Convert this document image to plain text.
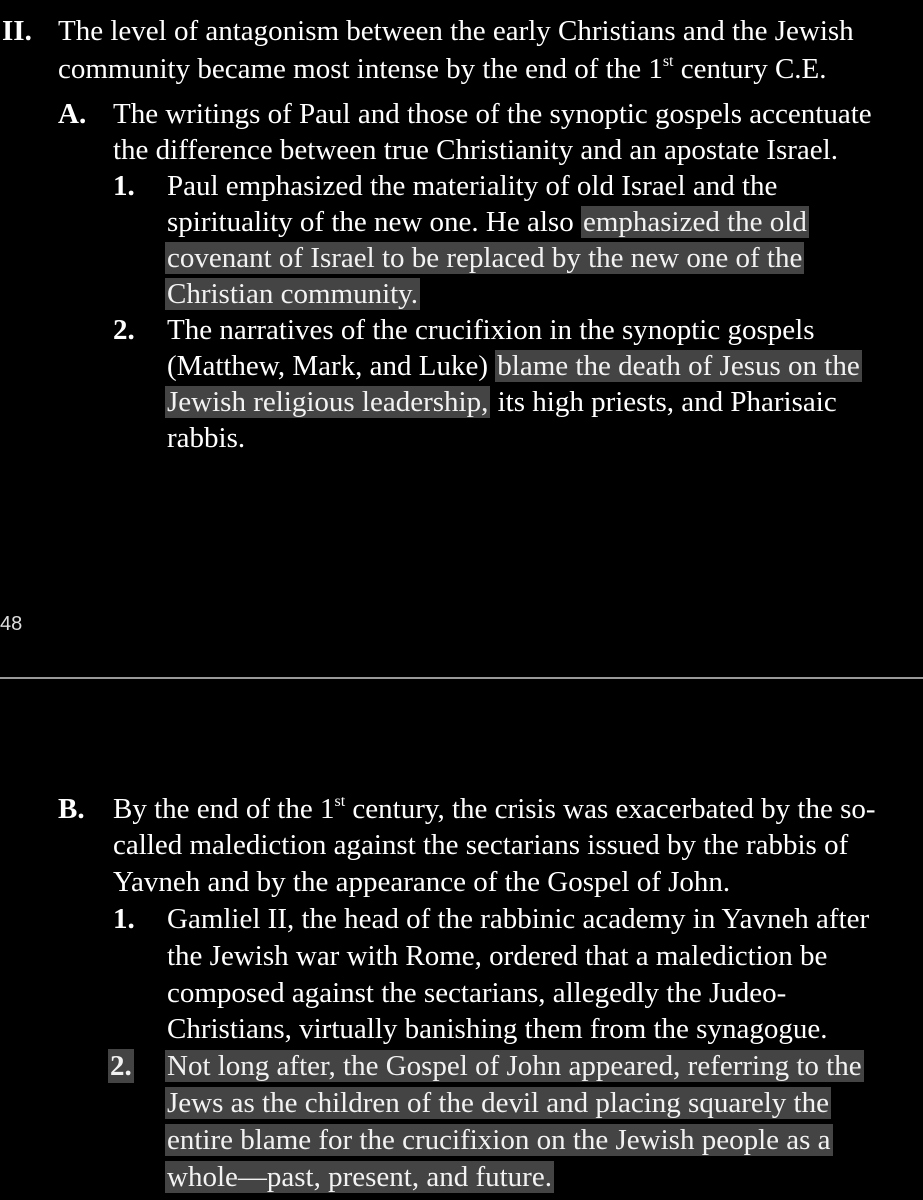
II. The level of antagonism between the early Christians and the Jewish
community became most intense by the end of the 1st century C.E.
A. The writings of Paul and those of the synoptic gospels accentuate
the difference between true Christianity and an apostate Israel.
1. Paul emphasized the materiality of old Israel and the
spirituality of the new one. He also emphasized the old
covenant of Israel to be replaced by the new one of the
Christian community.
2. The narratives of the crucifixion in the synoptic gospels
(Matthew, Mark, and Luke) blame the death of Jesus on the
Jewish religious leadership, its high priests, and Pharisaic
rabbis.
48
B. By the end of the 1st century, the crisis was exacerbated by the so-
called malediction against the sectarians issued by the rabbis of
Yavneh and by the appearance of the Gospel of John.
1. Gamliel II, the head of the rabbinic academy in Yavneh after
the Jewish war with Rome, ordered that a malediction be
composed against the sectarians, allegedly the Judeo-
Christians, virtually banishing them from the synagogue.
2. Not long after, the Gospel of John appeared, referring to the
Jews as the children of the devil and placing squarely the
entire blame for the crucifixion on the Jewish people as a
whole—past, present, and future.
